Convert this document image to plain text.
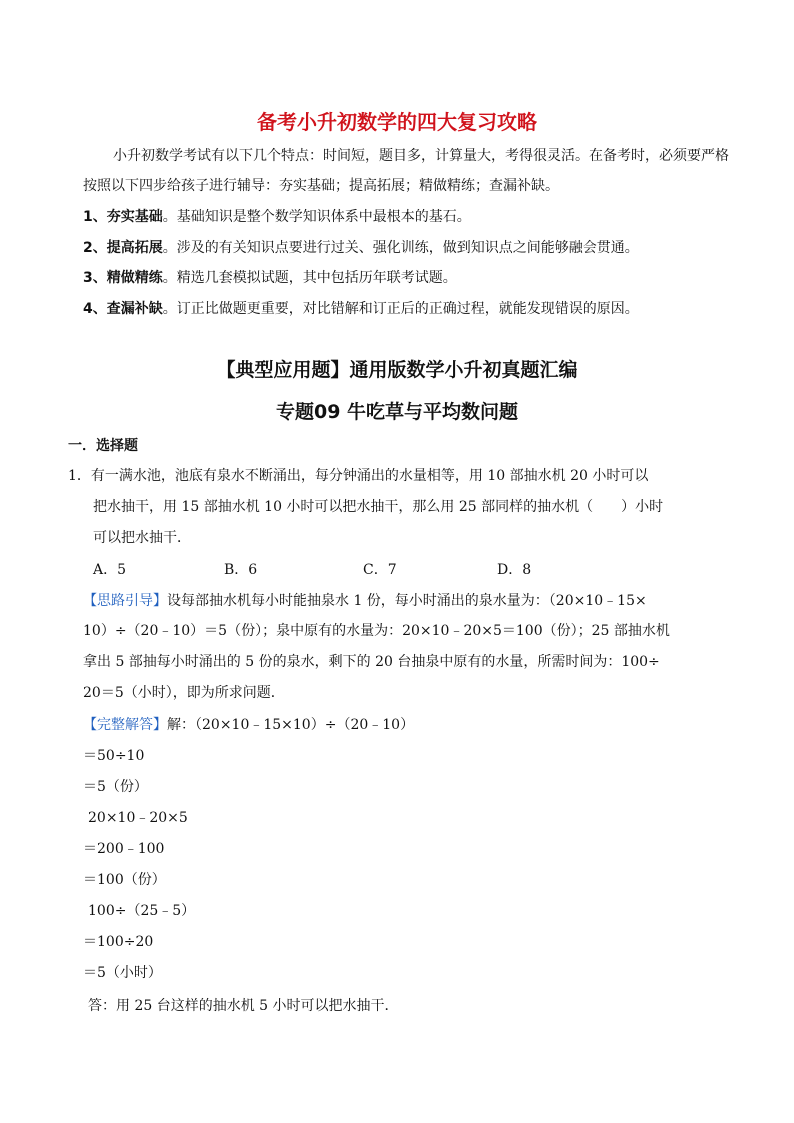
备考小升初数学的四大复习攻略
小升初数学考试有以下几个特点：时间短，题目多，计算量大，考得很灵活。在备考时，必须要严格
按照以下四步给孩子进行辅导：夯实基础；提高拓展；精做精练；查漏补缺。
1、夯实基础。基础知识是整个数学知识体系中最根本的基石。
2、提高拓展。涉及的有关知识点要进行过关、强化训练，做到知识点之间能够融会贯通。
3、精做精练。精选几套模拟试题，其中包括历年联考试题。
4、查漏补缺。订正比做题更重要，对比错解和订正后的正确过程，就能发现错误的原因。
【典型应用题】通用版数学小升初真题汇编
专题09 牛吃草与平均数问题
一．选择题
1．有一满水池，池底有泉水不断涌出，每分钟涌出的水量相等，用 10 部抽水机 20 小时可以
把水抽干，用 15 部抽水机 10 小时可以把水抽干，那么用 25 部同样的抽水机（　　）小时
可以把水抽干．
A．5	B．6	C．7	D．8
【思路引导】设每部抽水机每小时能抽泉水 1 份，每小时涌出的泉水量为：（20×10﹣15×
10）÷（20﹣10）＝5（份）；泉中原有的水量为：20×10﹣20×5＝100（份）；25 部抽水机
拿出 5 部抽每小时涌出的 5 份的泉水，剩下的 20 台抽泉中原有的水量，所需时间为：100÷
20＝5（小时），即为所求问题．
【完整解答】解：（20×10﹣15×10）÷（20﹣10）
＝50÷10
＝5（份）
20×10﹣20×5
＝200﹣100
＝100（份）
100÷（25﹣5）
＝100÷20
＝5（小时）
答：用 25 台这样的抽水机 5 小时可以把水抽干．
